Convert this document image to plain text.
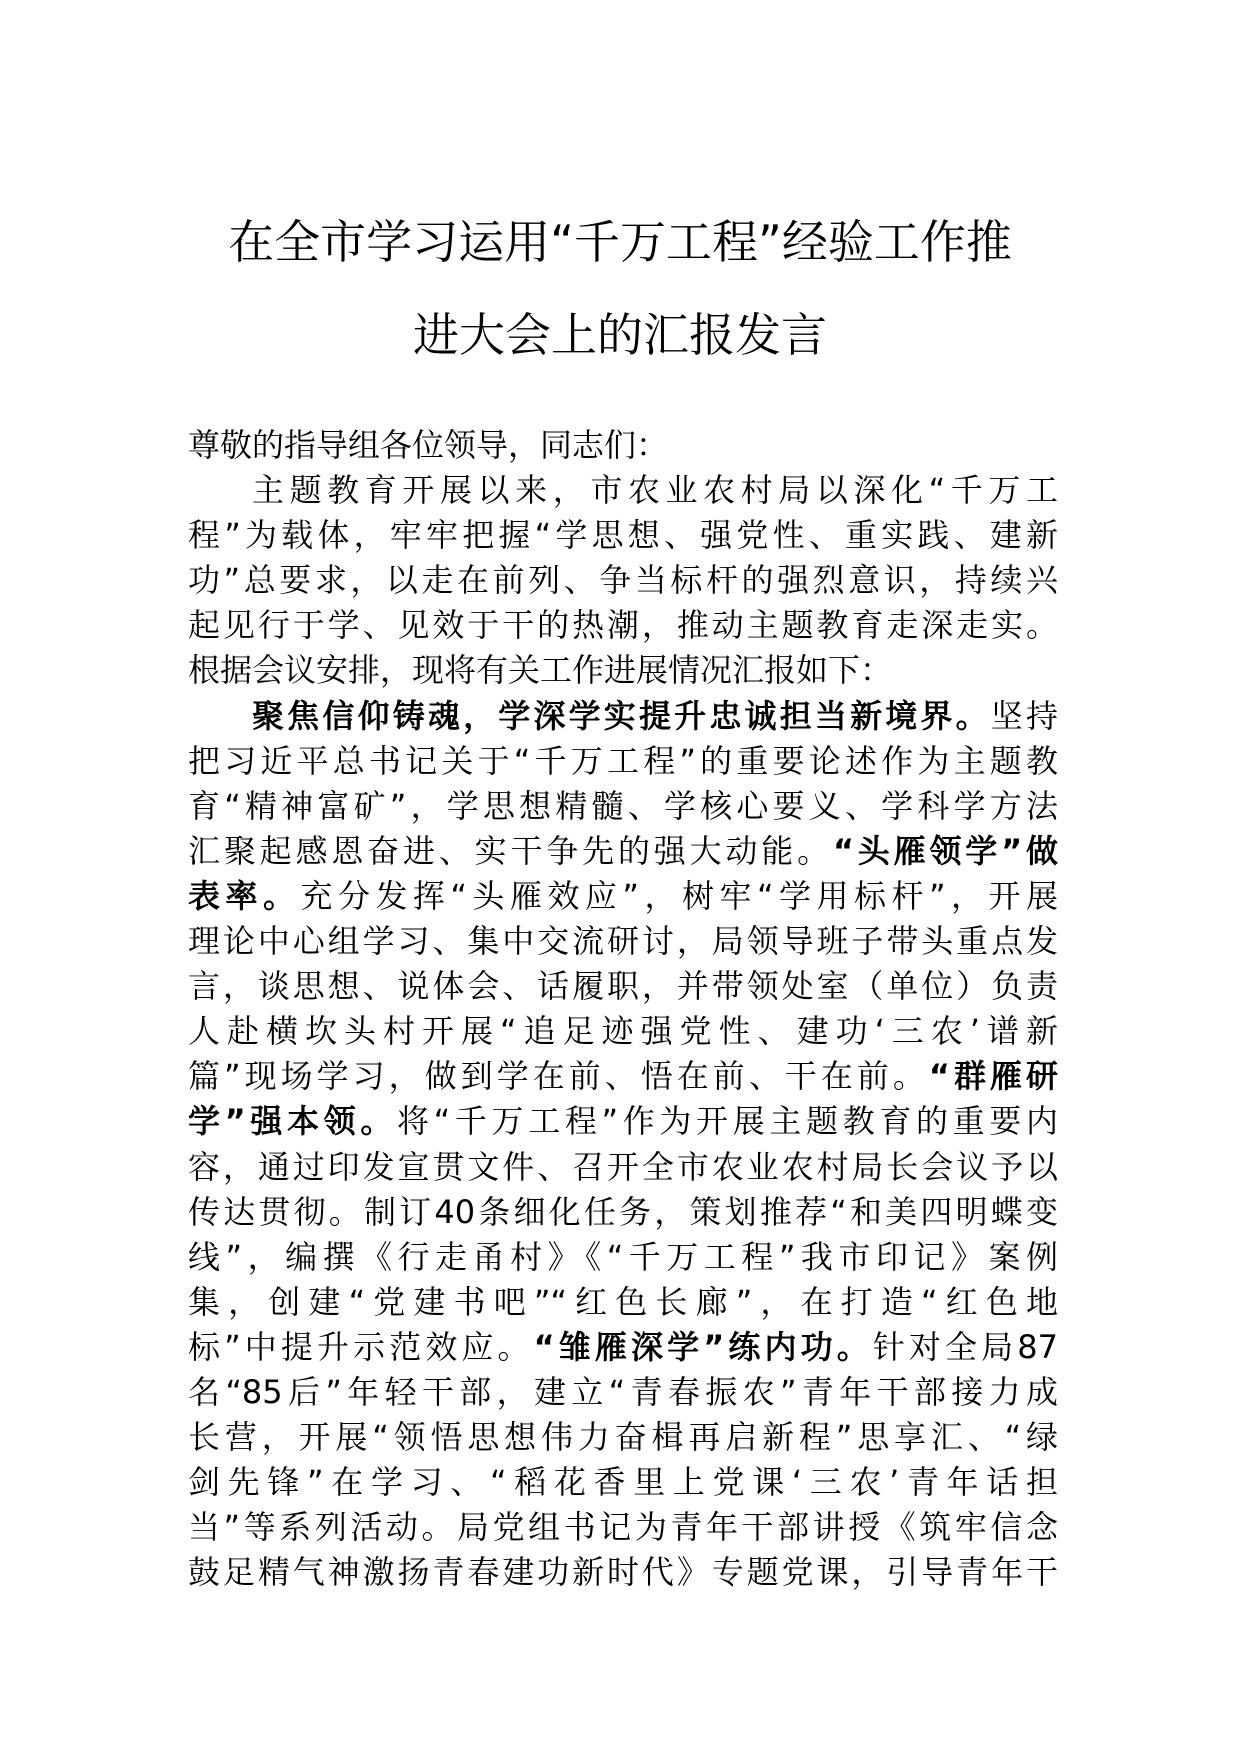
在全市学习运用“千万工程”经验工作推
进大会上的汇报发言
尊敬的指导组各位领导，同志们：
主题教育开展以来，市农业农村局以深化“千万工
程”为载体，牢牢把握“学思想、强党性、重实践、建新
功”总要求，以走在前列、争当标杆的强烈意识，持续兴
起见行于学、见效于干的热潮，推动主题教育走深走实。
根据会议安排，现将有关工作进展情况汇报如下：
聚焦信仰铸魂，学深学实提升忠诚担当新境界。坚持
把习近平总书记关于“千万工程”的重要论述作为主题教
育“精神富矿”，学思想精髓、学核心要义、学科学方法
汇聚起感恩奋进、实干争先的强大动能。“头雁领学”做
表率。充分发挥“头雁效应”，树牢“学用标杆”，开展
理论中心组学习、集中交流研讨，局领导班子带头重点发
言，谈思想、说体会、话履职，并带领处室（单位）负责
人赴横坎头村开展“追足迹强党性、建功‘三农’谱新
篇”现场学习，做到学在前、悟在前、干在前。“群雁研
学”强本领。将“千万工程”作为开展主题教育的重要内
容，通过印发宣贯文件、召开全市农业农村局长会议予以
传达贯彻。制订40条细化任务，策划推荐“和美四明蝶变
线”，编撰《行走甬村》《“千万工程”我市印记》案例
集，创建“党建书吧”“红色长廊”，在打造“红色地
标”中提升示范效应。“雏雁深学”练内功。针对全局87
名“85后”年轻干部，建立“青春振农”青年干部接力成
长营，开展“领悟思想伟力奋楫再启新程”思享汇、“绿
剑先锋”在学习、“稻花香里上党课‘三农’青年话担
当”等系列活动。局党组书记为青年干部讲授《筑牢信念
鼓足精气神激扬青春建功新时代》专题党课，引导青年干
